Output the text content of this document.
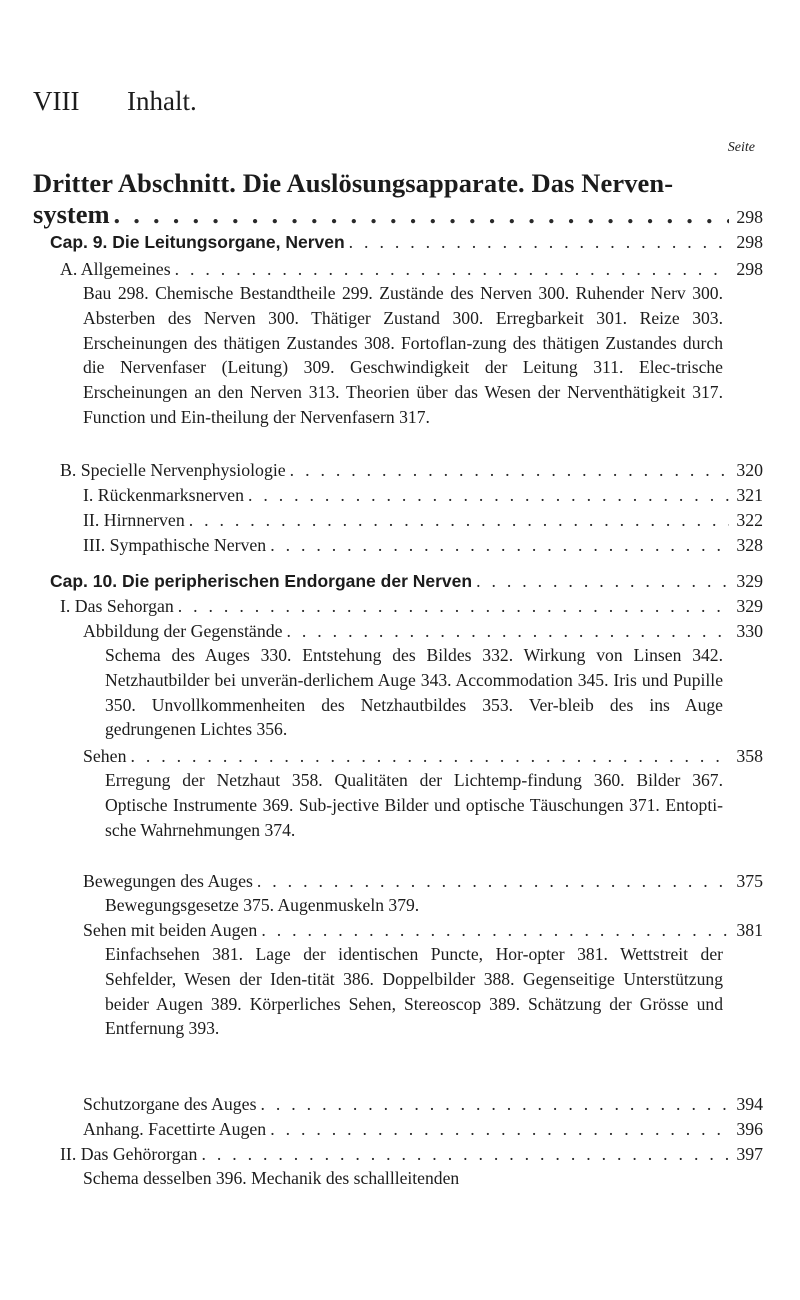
VIII Inhalt.
Seite
Dritter Abschnitt. Die Auslösungsapparate. Das Nerven-
system . . .	298
Cap. 9. Die Leitungsorgane, Nerven . . .	298
A. Allgemeines . . .	298
Bau 298. Chemische Bestandtheile 299. Zustände des Nerven 300. Ruhender Nerv 300. Absterben des Nerven 300. Thätiger Zustand 300. Erregbarkeit 301. Reize 303. Erscheinungen des thätigen Zustandes 308. Fortoflan-zung des thätigen Zustandes durch die Nervenfaser (Leitung) 309. Geschwindigkeit der Leitung 311. Elec-trische Erscheinungen an den Nerven 313. Theorien über das Wesen der Nerventhätigkeit 317. Function und Ein-theilung der Nervenfasern 317.
B. Specielle Nervenphysiologie . . .	320
I. Rückenmarksnerven . . .	321
II. Hirnnerven . . .	322
III. Sympathische Nerven . . .	328
Cap. 10. Die peripherischen Endorgane der Nerven . . .	329
I. Das Sehorgan . . .	329
Abbildung der Gegenstände . . .	330
Schema des Auges 330. Entstehung des Bildes 332. Wirkung von Linsen 342. Netzhautbilder bei unverän-derlichem Auge 343. Accommodation 345. Iris und Pupille 350. Unvollkommenheiten des Netzhautbildes 353. Ver-bleib des ins Auge gedrungenen Lichtes 356.
Sehen . . .	358
Erregung der Netzhaut 358. Qualitäten der Lichtemp-findung 360. Bilder 367. Optische Instrumente 369. Sub-jective Bilder und optische Täuschungen 371. Entopti-sche Wahrnehmungen 374.
Bewegungen des Auges . . .	375
Bewegungsgesetze 375. Augenmuskeln 379.
Sehen mit beiden Augen . . .	381
Einfachsehen 381. Lage der identischen Puncte, Hor-opter 381. Wettstreit der Sehfelder, Wesen der Iden-tität 386. Doppelbilder 388. Gegenseitige Unterstützung beider Augen 389. Körperliches Sehen, Stereoscop 389. Schätzung der Grösse und Entfernung 393.
Schutzorgane des Auges . . .	394
Anhang. Facettirte Augen . . .	396
II. Das Gehörorgan . . .	397
Schema desselben 396. Mechanik des schallleitenden
